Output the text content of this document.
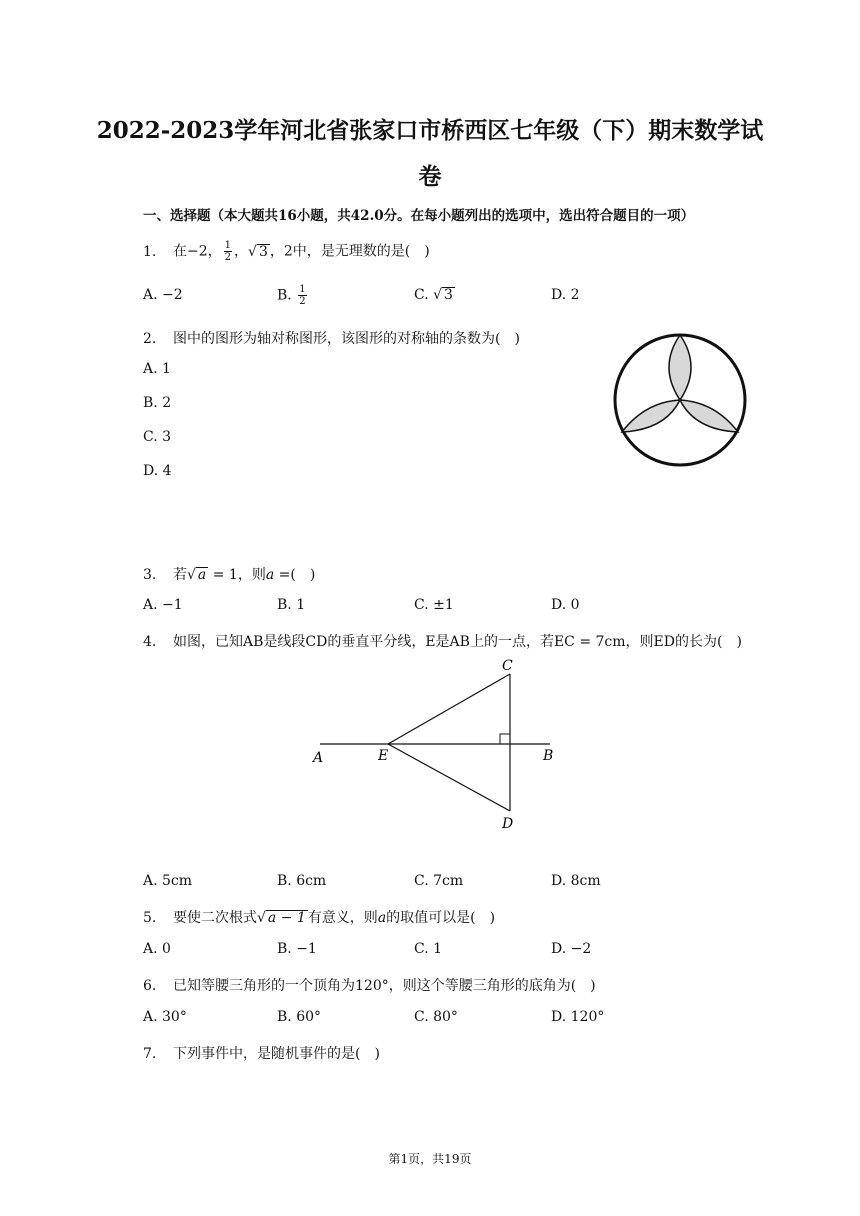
2022-2023学年河北省张家口市桥西区七年级（下）期末数学试
卷
一、选择题（本大题共16小题，共42.0分。在每小题列出的选项中，选出符合题目的一项）
1. 在−2， $\frac{1}{2}$ ，√ 3 ，2中，是无理数的是(　)
A. −2	B. $\frac{1}{2}$	C. √ 3	D. 2
2. 图中的图形为轴对称图形，该图形的对称轴的条数为(　)
A. 1
B. 2
C. 3
D. 4
3. 若√ a = 1，则a =(　)
A. −1	B. 1	C. ±1	D. 0
4. 如图，已知AB是线段CD的垂直平分线，E是AB上的一点，若EC = 7cm，则ED的长为(　)
A	B
C
D
E
A. 5cm	B. 6cm	C. 7cm	D. 8cm
5. 要使二次根式√ a − 1 有意义，则a的取值可以是(　)
A. 0	B. −1	C. 1	D. −2
6. 已知等腰三角形的一个顶角为120°，则这个等腰三角形的底角为(　)
A. 30°	B. 60°	C. 80°	D. 120°
7. 下列事件中，是随机事件的是(　)
第1页，共19页
